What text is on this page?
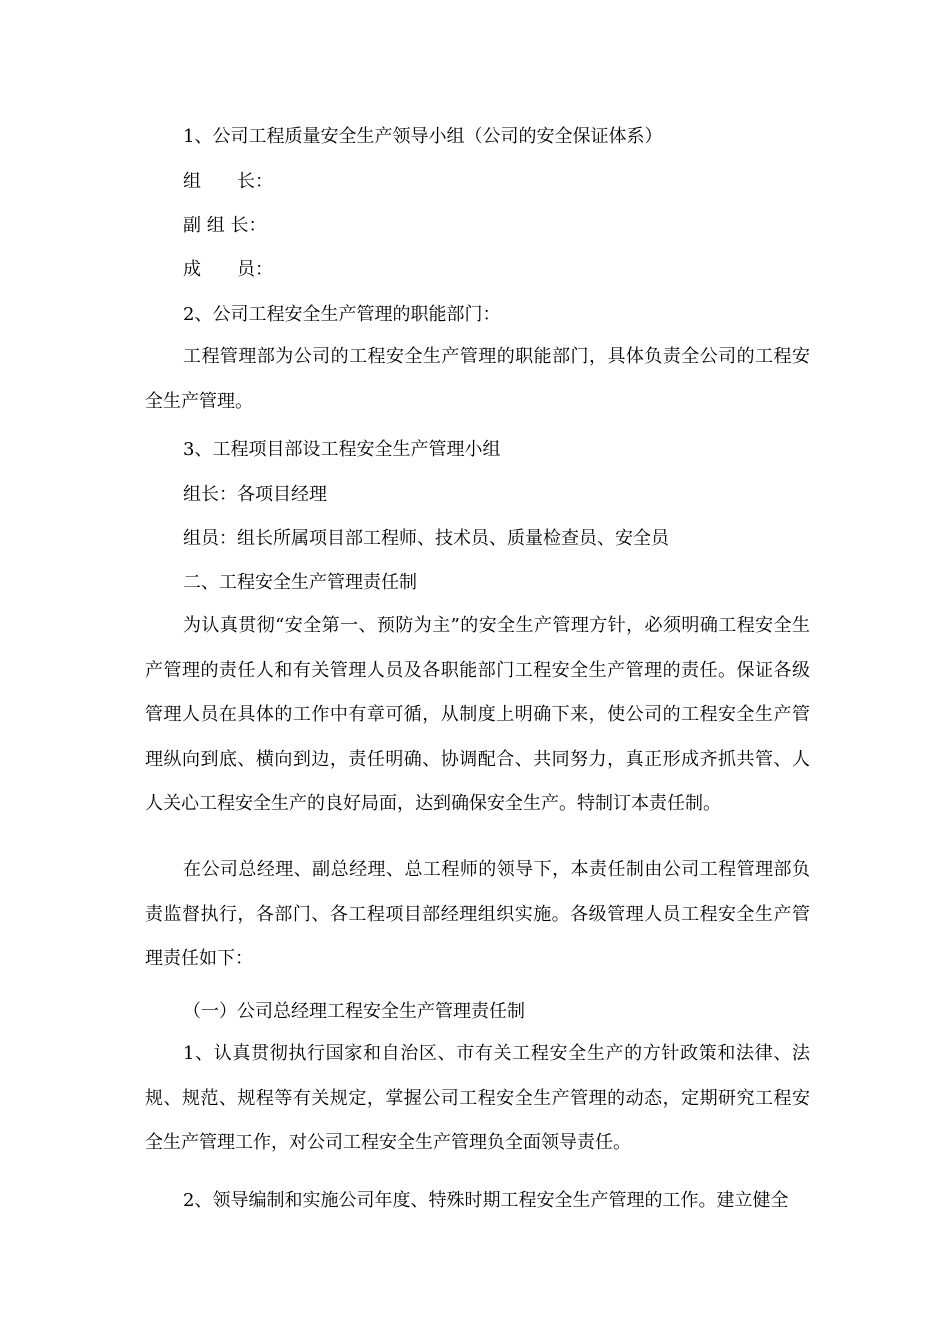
1、公司工程质量安全生产领导小组（公司的安全保证体系）
组　　长：
副 组 长：
成　　员：
2、公司工程安全生产管理的职能部门：
工程管理部为公司的工程安全生产管理的职能部门，具体负责全公司的工程安全生产管理。
3、工程项目部设工程安全生产管理小组
组长：各项目经理
组员：组长所属项目部工程师、技术员、质量检查员、安全员
二、工程安全生产管理责任制
为认真贯彻“安全第一、预防为主”的安全生产管理方针，必须明确工程安全生产管理的责任人和有关管理人员及各职能部门工程安全生产管理的责任。保证各级管理人员在具体的工作中有章可循，从制度上明确下来，使公司的工程安全生产管理纵向到底、横向到边，责任明确、协调配合、共同努力，真正形成齐抓共管、人人关心工程安全生产的良好局面，达到确保安全生产。特制订本责任制。
在公司总经理、副总经理、总工程师的领导下，本责任制由公司工程管理部负责监督执行，各部门、各工程项目部经理组织实施。各级管理人员工程安全生产管理责任如下：
（一）公司总经理工程安全生产管理责任制
1、认真贯彻执行国家和自治区、市有关工程安全生产的方针政策和法律、法规、规范、规程等有关规定，掌握公司工程安全生产管理的动态，定期研究工程安全生产管理工作，对公司工程安全生产管理负全面领导责任。
2、领导编制和实施公司年度、特殊时期工程安全生产管理的工作。建立健全
